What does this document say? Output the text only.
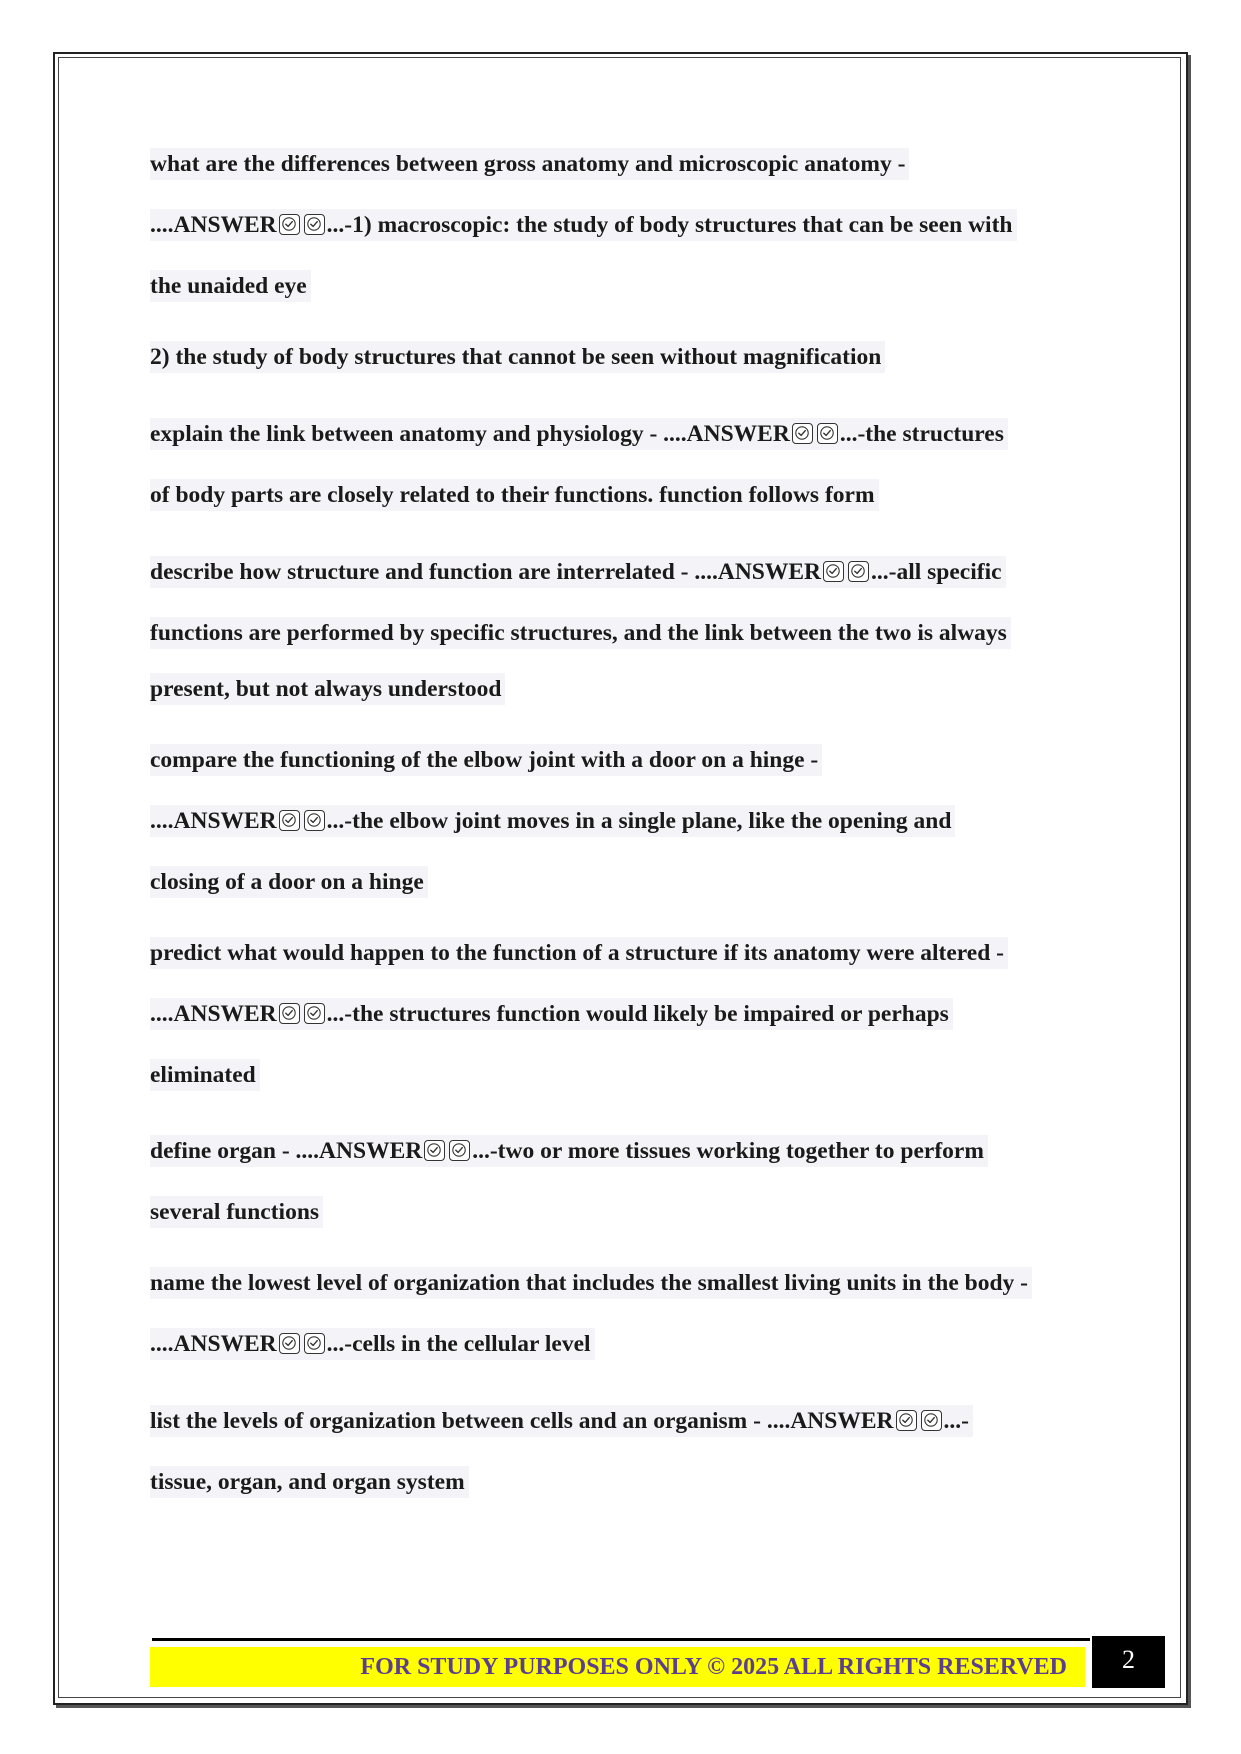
what are the differences between gross anatomy and microscopic anatomy -
....ANSWER ...-1) macroscopic: the study of body structures that can be seen with
the unaided eye
2) the study of body structures that cannot be seen without magnification
explain the link between anatomy and physiology - ....ANSWER ...-the structures
of body parts are closely related to their functions. function follows form
describe how structure and function are interrelated - ....ANSWER ...-all specific
functions are performed by specific structures, and the link between the two is always
present, but not always understood
compare the functioning of the elbow joint with a door on a hinge -
....ANSWER ...-the elbow joint moves in a single plane, like the opening and
closing of a door on a hinge
predict what would happen to the function of a structure if its anatomy were altered -
....ANSWER ...-the structures function would likely be impaired or perhaps
eliminated
define organ - ....ANSWER ...-two or more tissues working together to perform
several functions
name the lowest level of organization that includes the smallest living units in the body -
....ANSWER ...-cells in the cellular level
list the levels of organization between cells and an organism - ....ANSWER ...-
tissue, organ, and organ system
FOR STUDY PURPOSES ONLY © 2025 ALL RIGHTS RESERVED	2
